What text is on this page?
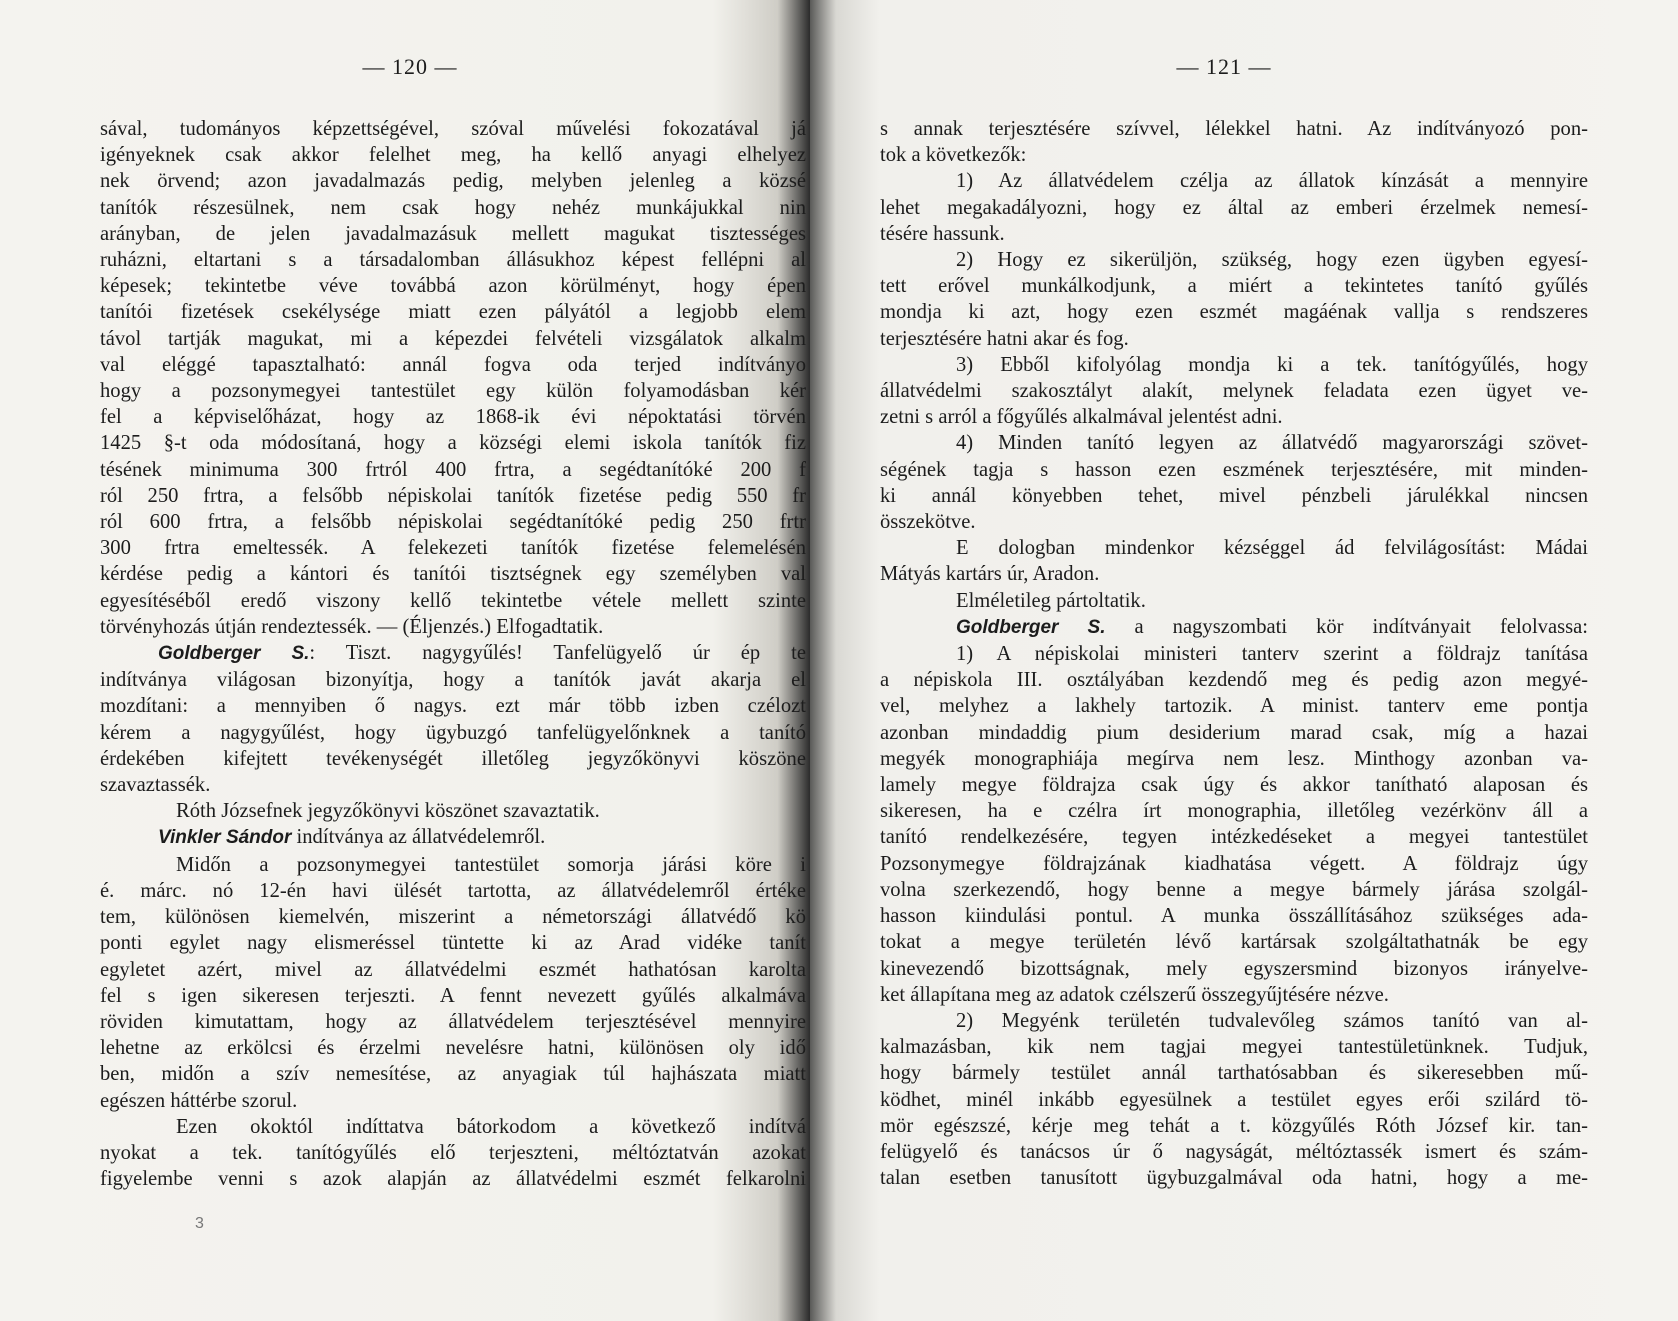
— 120 —
sával, tudományos képzettségével, szóval művelési fokozatával já
igényeknek csak akkor felelhet meg, ha kellő anyagi elhelyez
nek örvend; azon javadalmazás pedig, melyben jelenleg a közsé
tanítók részesülnek, nem csak hogy nehéz munkájukkal nin
arányban, de jelen javadalmazásuk mellett magukat tisztességes
ruházni, eltartani s a társadalomban állásukhoz képest fellépni al
képesek; tekintetbe véve továbbá azon körülményt, hogy épen
tanítói fizetések csekélysége miatt ezen pályától a legjobb elem
távol tartják magukat, mi a képezdei felvételi vizsgálatok alkalm
val eléggé tapasztalható: annál fogva oda terjed indítványo
hogy a pozsonymegyei tantestület egy külön folyamodásban kér
fel a képviselőházat, hogy az 1868-ik évi népoktatási törvén
1425 §-t oda módosítaná, hogy a községi elemi iskola tanítók fiz
tésének minimuma 300 frtról 400 frtra, a segédtanítóké 200 f
ról 250 frtra, a felsőbb népiskolai tanítók fizetése pedig 550 fr
ról 600 frtra, a felsőbb népiskolai segédtanítóké pedig 250 frtr
300 frtra emeltessék. A felekezeti tanítók fizetése felemelésén
kérdése pedig a kántori és tanítói tisztségnek egy személyben val
egyesítéséből eredő viszony kellő tekintetbe vétele mellett szinte
törvényhozás útján rendeztessék. — (Éljenzés.) Elfogadtatik.
Goldberger S.: Tiszt. nagygyűlés! Tanfelügyelő úr ép te
indítványa világosan bizonyítja, hogy a tanítók javát akarja el
mozdítani: a mennyiben ő nagys. ezt már több izben czélozt
kérem a nagygyűlést, hogy ügybuzgó tanfelügyelőnknek a tanító
érdekében kifejtett tevékenységét illetőleg jegyzőkönyvi köszöne
szavaztassék.
Róth Józsefnek jegyzőkönyvi köszönet szavaztatik.
Vinkler Sándor indítványa az állatvédelemről.
Midőn a pozsonymegyei tantestület somorja járási köre i
é. márc. nó 12-én havi ülését tartotta, az állatvédelemről értéke
tem, különösen kiemelvén, miszerint a németországi állatvédő kö
ponti egylet nagy elismeréssel tüntette ki az Arad vidéke tanít
egyletet azért, mivel az állatvédelmi eszmét hathatósan karolta
fel s igen sikeresen terjeszti. A fennt nevezett gyűlés alkalmáva
röviden kimutattam, hogy az állatvédelem terjesztésével mennyire
lehetne az erkölcsi és érzelmi nevelésre hatni, különösen oly idő
ben, midőn a szív nemesítése, az anyagiak túl hajhászata miatt
egészen háttérbe szorul.
Ezen okoktól indíttatva bátorkodom a következő indítvá
nyokat a tek. tanítógyűlés elő terjeszteni, méltóztatván azokat
figyelembe venni s azok alapján az állatvédelmi eszmét felkarolni
3
— 121 —
s annak terjesztésére szívvel, lélekkel hatni. Az indítványozó pon-
tok a következők:
1) Az állatvédelem czélja az állatok kínzását a mennyire
lehet megakadályozni, hogy ez által az emberi érzelmek nemesí-
tésére hassunk.
2) Hogy ez sikerüljön, szükség, hogy ezen ügyben egyesí-
tett erővel munkálkodjunk, a miért a tekintetes tanító gyűlés
mondja ki azt, hogy ezen eszmét magáénak vallja s rendszeres
terjesztésére hatni akar és fog.
3) Ebből kifolyólag mondja ki a tek. tanítógyűlés, hogy
állatvédelmi szakosztályt alakít, melynek feladata ezen ügyet ve-
zetni s arról a főgyűlés alkalmával jelentést adni.
4) Minden tanító legyen az állatvédő magyarországi szövet-
ségének tagja s hasson ezen eszmének terjesztésére, mit minden-
ki annál könyebben tehet, mivel pénzbeli járulékkal nincsen
összekötve.
E dologban mindenkor kézséggel ád felvilágosítást: Mádai
Mátyás kartárs úr, Aradon.
Elméletileg pártoltatik.
Goldberger S. a nagyszombati kör indítványait felolvassa:
1) A népiskolai ministeri tanterv szerint a földrajz tanítása
a népiskola III. osztályában kezdendő meg és pedig azon megyé-
vel, melyhez a lakhely tartozik. A minist. tanterv eme pontja
azonban mindaddig pium desiderium marad csak, míg a hazai
megyék monographiája megírva nem lesz. Minthogy azonban va-
lamely megye földrajza csak úgy és akkor tanítható alaposan és
sikeresen, ha e czélra írt monographia, illetőleg vezérkönv áll a
tanító rendelkezésére, tegyen intézkedéseket a megyei tantestület
Pozsonymegye földrajzának kiadhatása végett. A földrajz úgy
volna szerkezendő, hogy benne a megye bármely járása szolgál-
hasson kiindulási pontul. A munka összállításához szükséges ada-
tokat a megye területén lévő kartársak szolgáltathatnák be egy
kinevezendő bizottságnak, mely egyszersmind bizonyos irányelve-
ket állapítana meg az adatok czélszerű összegyűjtésére nézve.
2) Megyénk területén tudvalevőleg számos tanító van al-
kalmazásban, kik nem tagjai megyei tantestületünknek. Tudjuk,
hogy bármely testület annál tarthatósabban és sikeresebben mű-
ködhet, minél inkább egyesülnek a testület egyes erői szilárd tö-
mör egészszé, kérje meg tehát a t. közgyűlés Róth József kir. tan-
felügyelő és tanácsos úr ő nagyságát, méltóztassék ismert és szám-
talan esetben tanusított ügybuzgalmával oda hatni, hogy a me-
